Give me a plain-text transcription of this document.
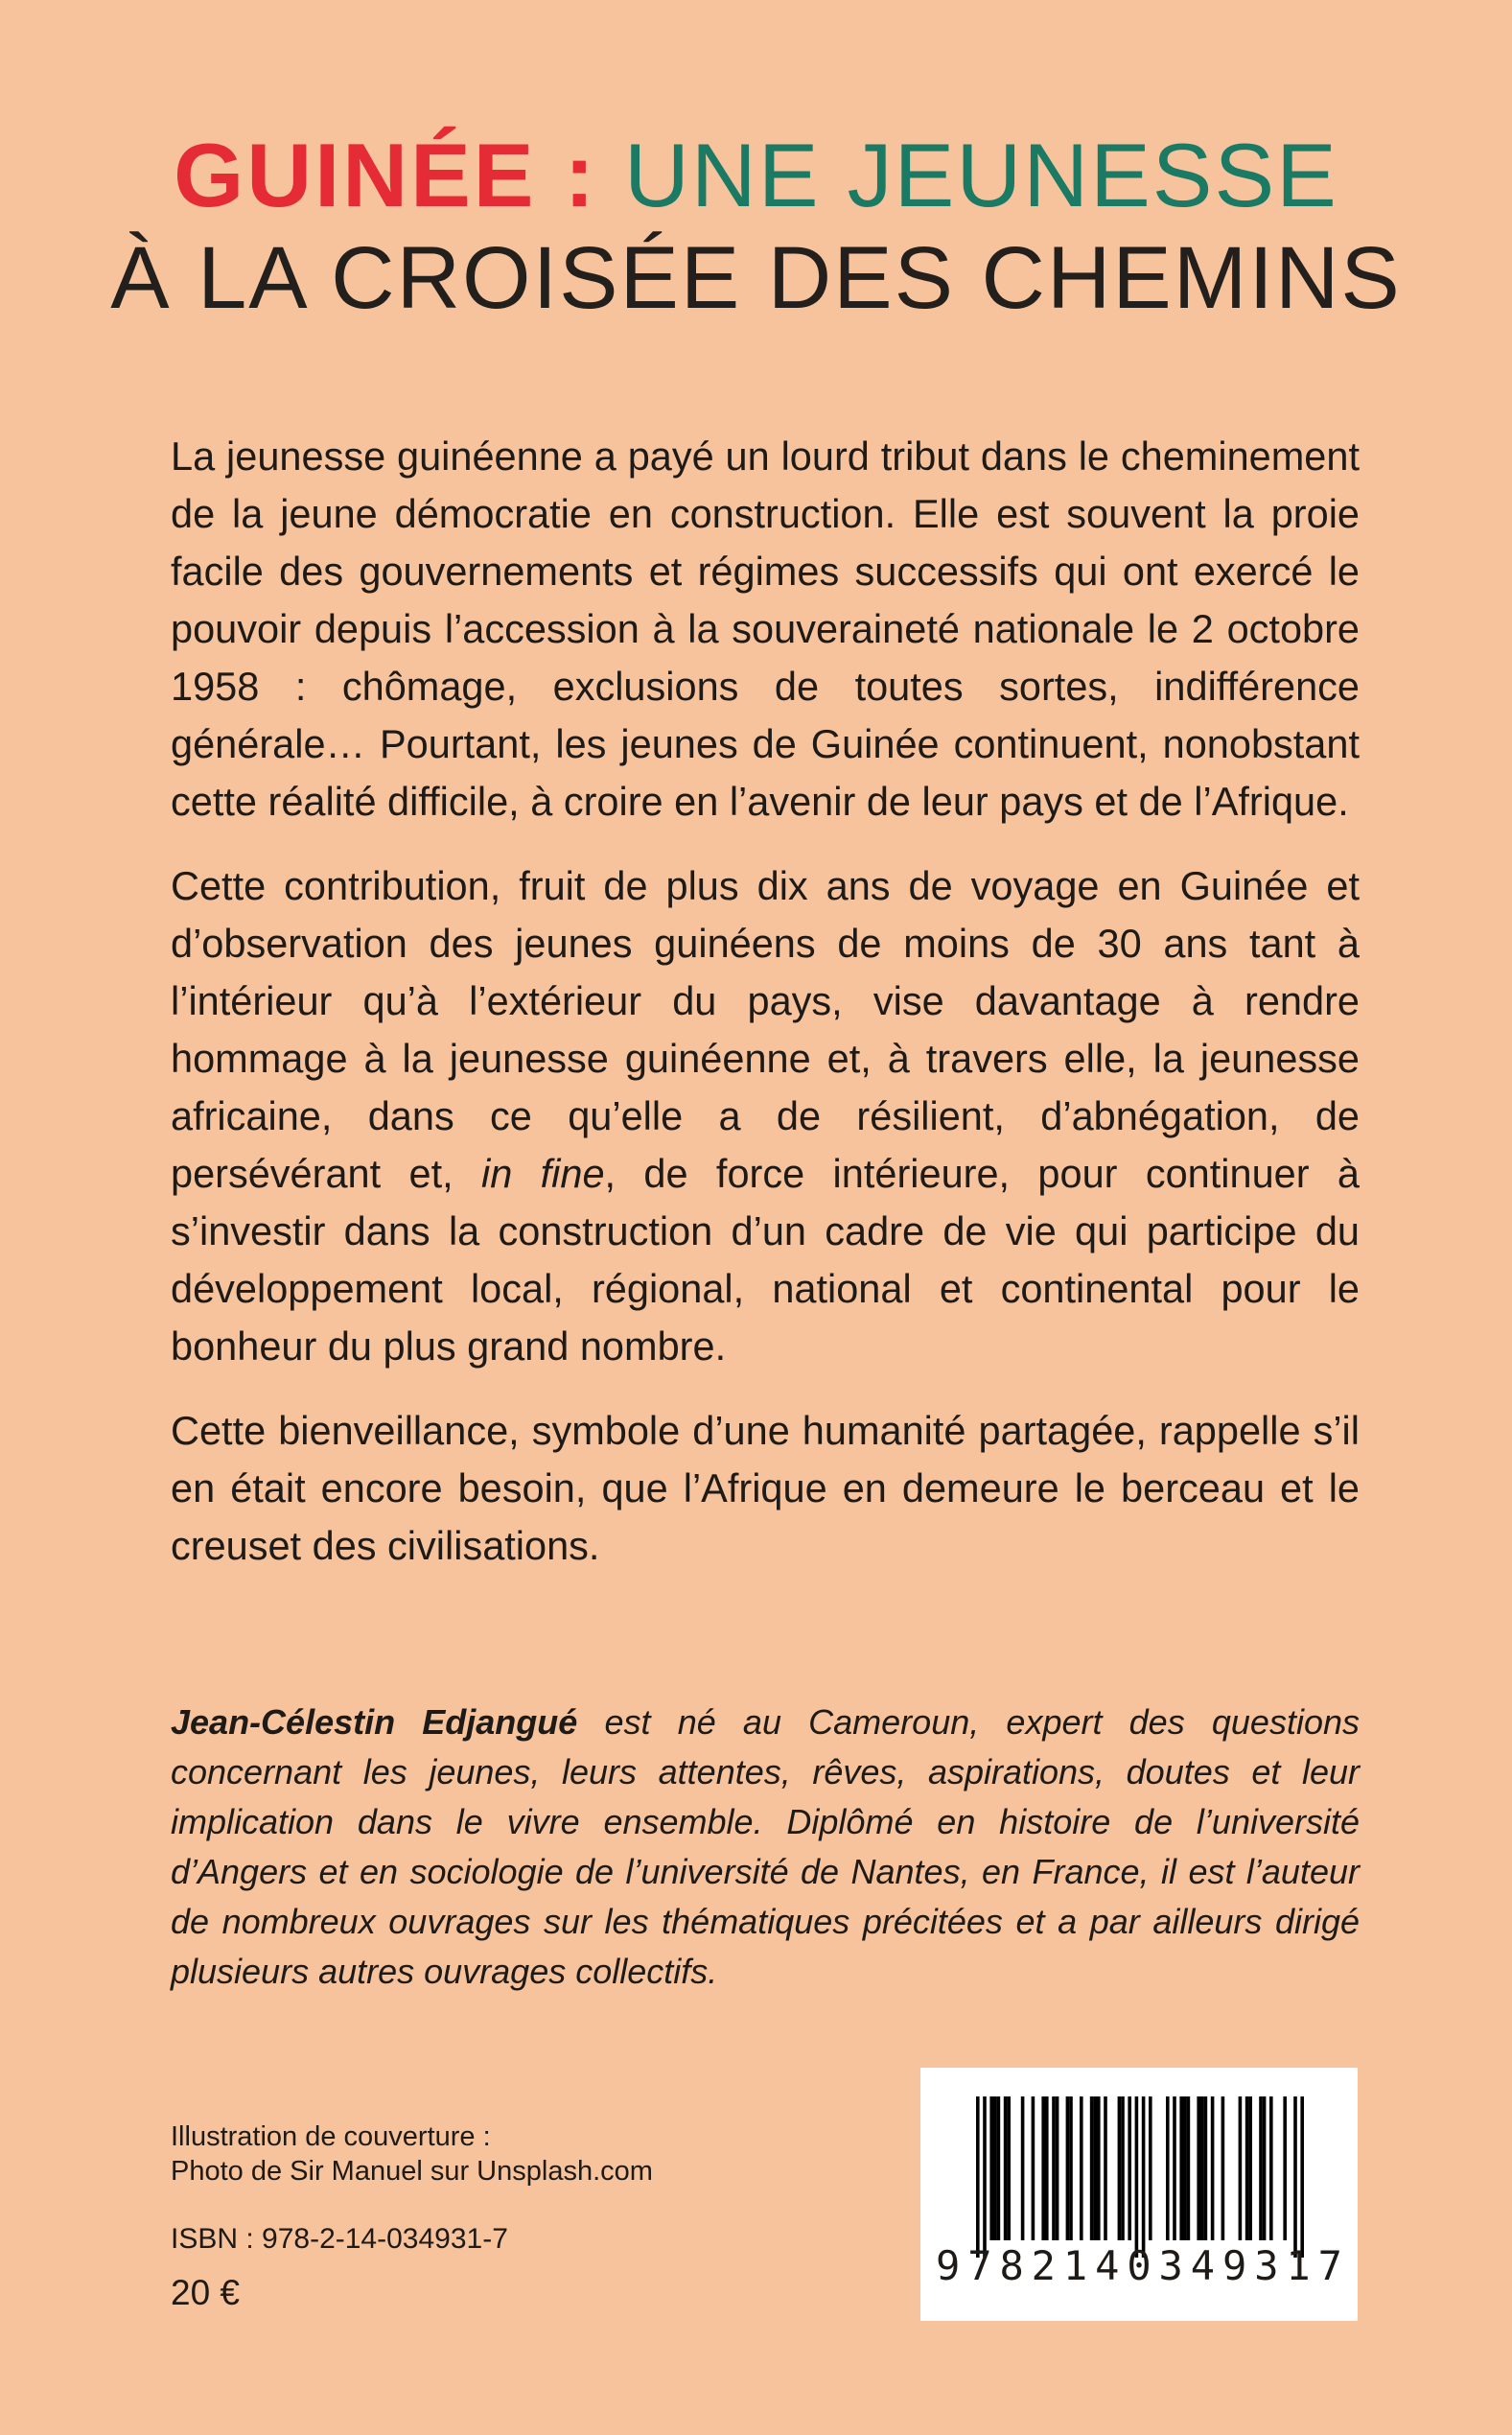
GUINÉE : UNE JEUNESSE
À LA CROISÉE DES CHEMINS

La jeunesse guinéenne a payé un lourd tribut dans le cheminement de la jeune démocratie en construction. Elle est souvent la proie facile des gouvernements et régimes successifs qui ont exercé le pouvoir depuis l’accession à la souveraineté nationale le 2 octobre 1958 : chômage, exclusions de toutes sortes, indifférence générale… Pourtant, les jeunes de Guinée continuent, nonobstant cette réalité difficile, à croire en l’avenir de leur pays et de l’Afrique.

Cette contribution, fruit de plus dix ans de voyage en Guinée et d’observation des jeunes guinéens de moins de 30 ans tant à l’intérieur qu’à l’extérieur du pays, vise davantage à rendre hommage à la jeunesse guinéenne et, à travers elle, la jeunesse africaine, dans ce qu’elle a de résilient, d’abnégation, de persévérant et, in fine, de force intérieure, pour continuer à s’investir dans la construction d’un cadre de vie qui participe du développement local, régional, national et continental pour le bonheur du plus grand nombre.

Cette bienveillance, symbole d’une humanité partagée, rappelle s’il en était encore besoin, que l’Afrique en demeure le berceau et le creuset des civilisations.

Jean-Célestin Edjangué est né au Cameroun, expert des questions concernant les jeunes, leurs attentes, rêves, aspirations, doutes et leur implication dans le vivre ensemble. Diplômé en histoire de l’université d’Angers et en sociologie de l’université de Nantes, en France, il est l’auteur de nombreux ouvrages sur les thématiques précitées et a par ailleurs dirigé plusieurs autres ouvrages collectifs.
Illustration de couverture :
Photo de Sir Manuel sur Unsplash.com
ISBN : 978-2-14-034931-7
20 €
9 7 8 2 1 4 0 3 4 9 3 1 7
